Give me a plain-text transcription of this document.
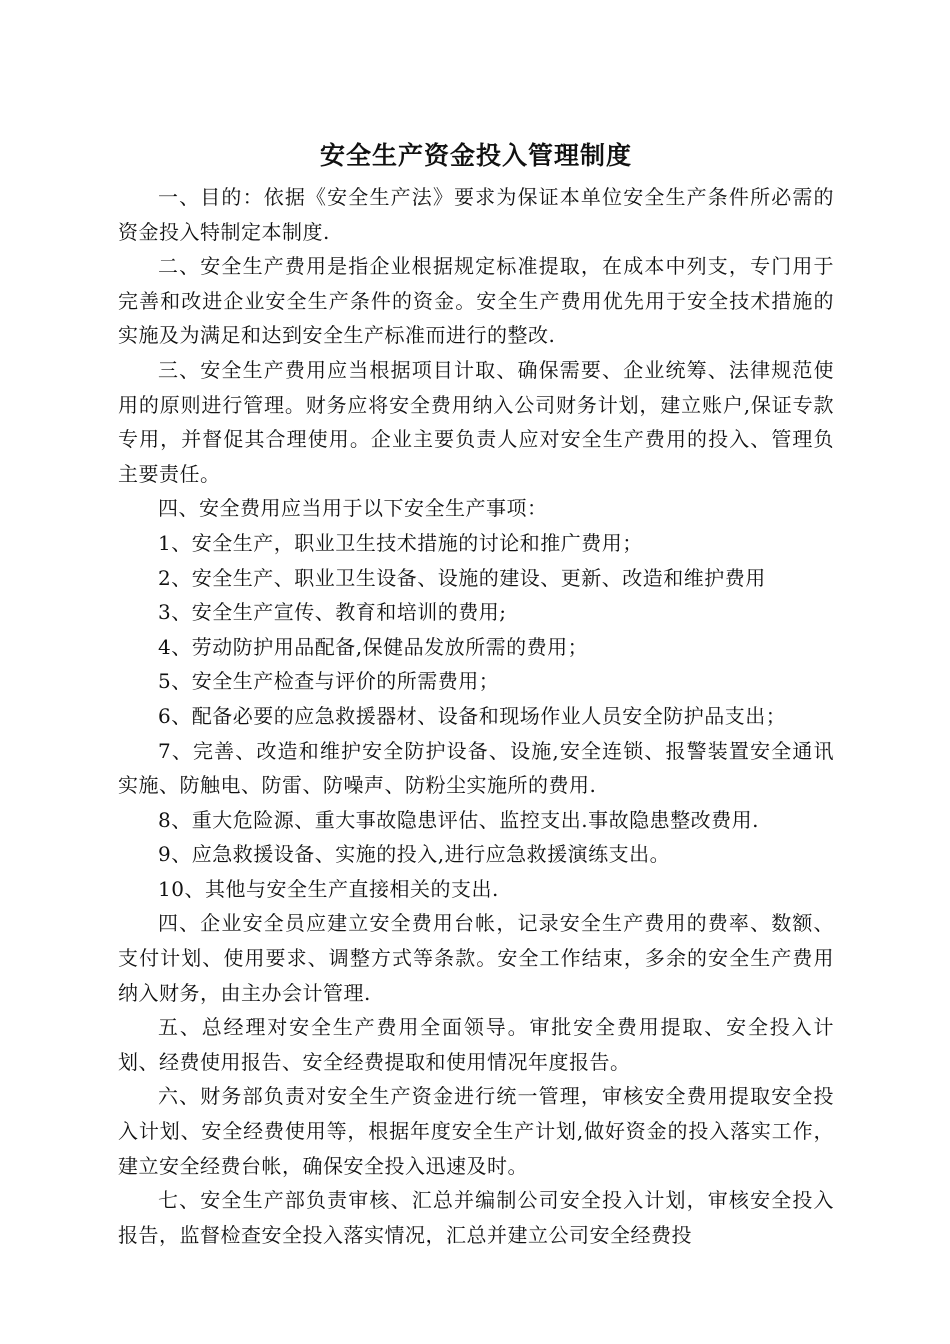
安全生产资金投入管理制度

一、目的：依据《安全生产法》要求为保证本单位安全生产条件所必需的资金投入特制定本制度.

二、安全生产费用是指企业根据规定标准提取，在成本中列支，专门用于完善和改进企业安全生产条件的资金。安全生产费用优先用于安全技术措施的实施及为满足和达到安全生产标准而进行的整改.

三、安全生产费用应当根据项目计取、确保需要、企业统筹、法律规范使用的原则进行管理。财务应将安全费用纳入公司财务计划，建立账户,保证专款专用，并督促其合理使用。企业主要负责人应对安全生产费用的投入、管理负主要责任。

四、安全费用应当用于以下安全生产事项：

1、安全生产，职业卫生技术措施的讨论和推广费用；

2、安全生产、职业卫生设备、设施的建设、更新、改造和维护费用

3、安全生产宣传、教育和培训的费用;

4、劳动防护用品配备,保健品发放所需的费用；

5、安全生产检查与评价的所需费用；

6、配备必要的应急救援器材、设备和现场作业人员安全防护品支出；

7、完善、改造和维护安全防护设备、设施,安全连锁、报警装置安全通讯实施、防触电、防雷、防噪声、防粉尘实施所的费用.

8、重大危险源、重大事故隐患评估、监控支出.事故隐患整改费用.

9、应急救援设备、实施的投入,进行应急救援演练支出。

10、其他与安全生产直接相关的支出.

四、企业安全员应建立安全费用台帐，记录安全生产费用的费率、数额、支付计划、使用要求、调整方式等条款。安全工作结束，多余的安全生产费用纳入财务，由主办会计管理.

五、总经理对安全生产费用全面领导。审批安全费用提取、安全投入计划、经费使用报告、安全经费提取和使用情况年度报告。

六、财务部负责对安全生产资金进行统一管理，审核安全费用提取安全投入计划、安全经费使用等，根据年度安全生产计划,做好资金的投入落实工作，建立安全经费台帐，确保安全投入迅速及时。

七、安全生产部负责审核、汇总并编制公司安全投入计划，审核安全投入报告，监督检查安全投入落实情况，汇总并建立公司安全经费投
